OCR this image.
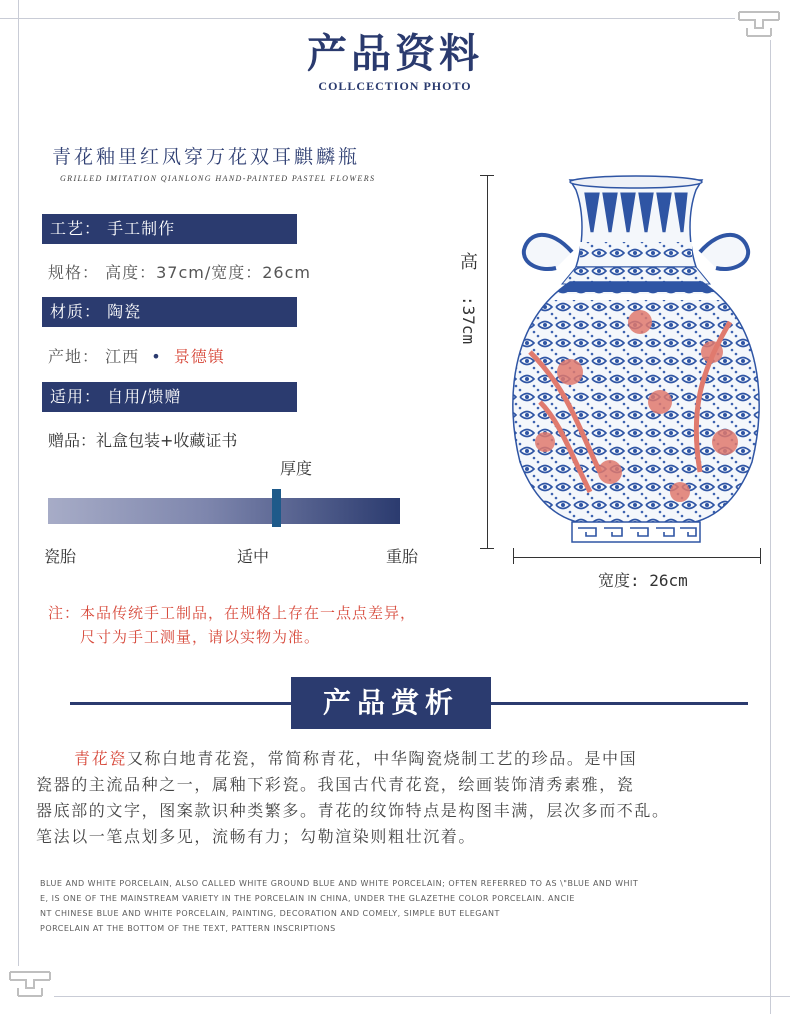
产品资料
COLLCECTION PHOTO
青花釉里红凤穿万花双耳麒麟瓶
GRILLED IMITATION QIANLONG HAND-PAINTED PASTEL FLOWERS
工艺： 手工制作
规格： 高度：37cm/宽度：26cm
材质： 陶瓷
产地： 江西 • 景德镇
适用： 自用/馈赠
赠品：礼盒包装+收藏证书
厚度
瓷胎	适中	重胎
注：本品传统手工制品，在规格上存在一点点差异，
尺寸为手工测量，请以实物为准。
高
:37cm
宽度: 26cm
产品赏析

青花瓷又称白地青花瓷，常简称青花，中华陶瓷烧制工艺的珍品。是中国

瓷器的主流品种之一，属釉下彩瓷。我国古代青花瓷，绘画装饰清秀素雅，瓷

器底部的文字，图案款识种类繁多。青花的纹饰特点是构图丰满，层次多而不乱。

笔法以一笔点划多见，流畅有力；勾勒渲染则粗壮沉着。

BLUE AND WHITE PORCELAIN, ALSO CALLED WHITE GROUND BLUE AND WHITE PORCELAIN; OFTEN REFERRED TO AS \"BLUE AND WHIT
E, IS ONE OF THE MAINSTREAM VARIETY IN THE PORCELAIN IN CHINA, UNDER THE GLAZETHE COLOR PORCELAIN. ANCIE
NT CHINESE BLUE AND WHITE PORCELAIN, PAINTING, DECORATION AND COMELY, SIMPLE BUT ELEGANT
PORCELAIN AT THE BOTTOM OF THE TEXT, PATTERN INSCRIPTIONS
